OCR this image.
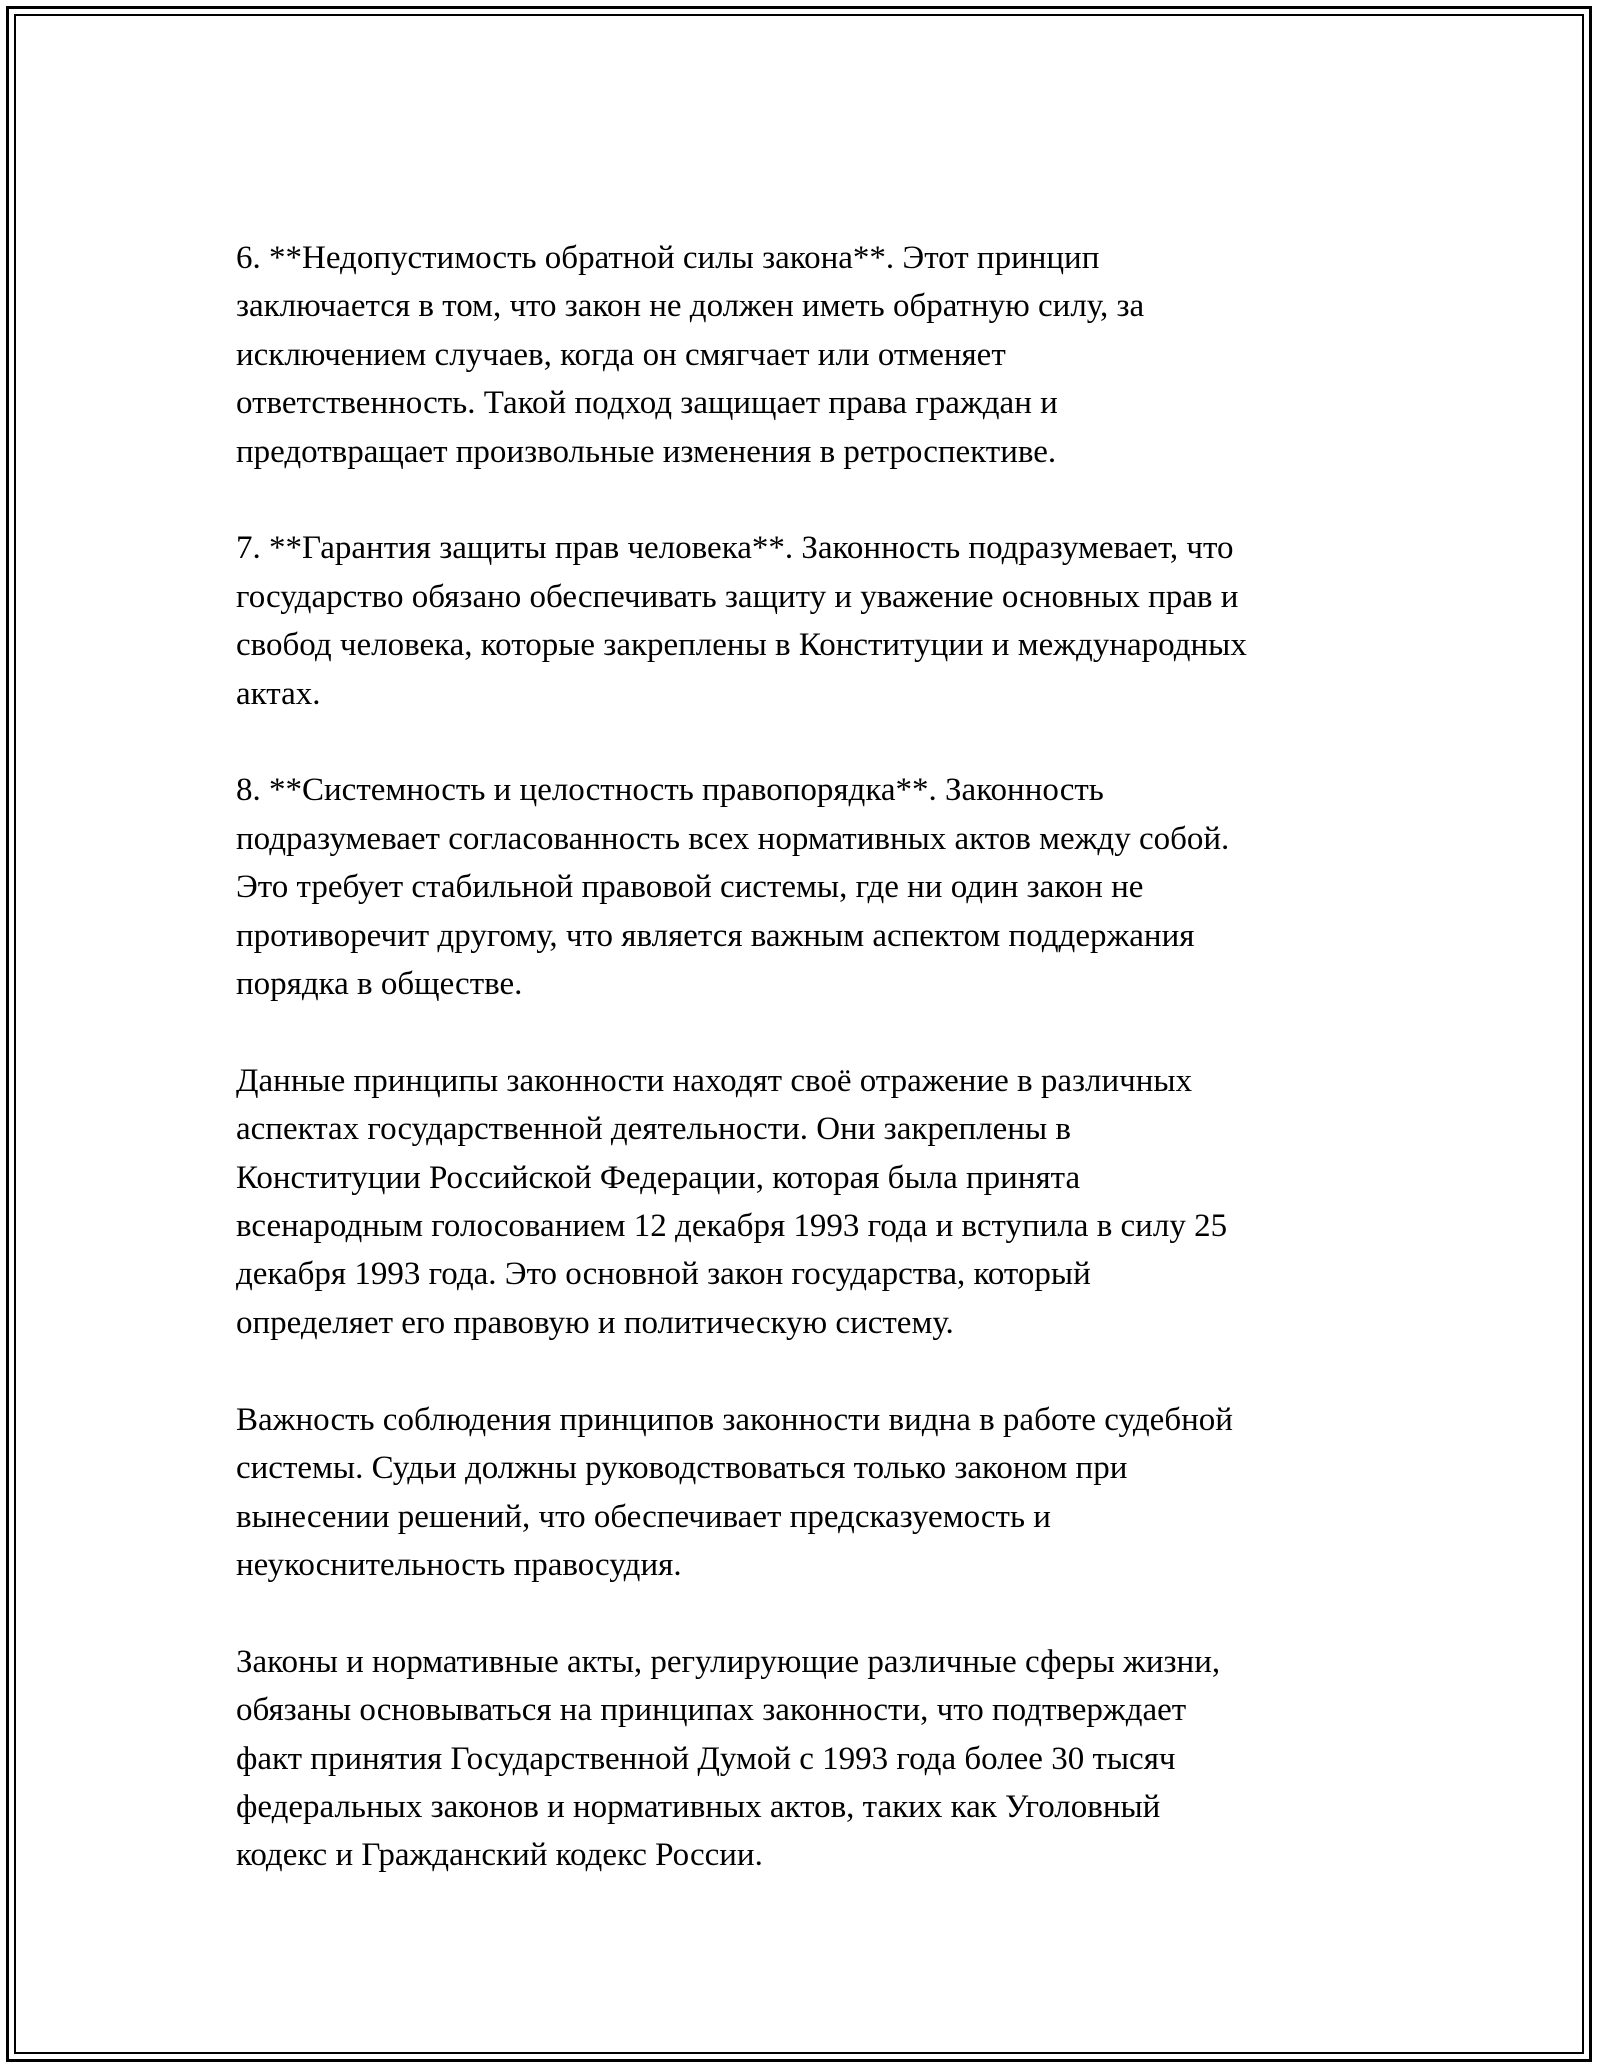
6. **Недопустимость обратной силы закона**. Этот принцип
заключается в том, что закон не должен иметь обратную силу, за
исключением случаев, когда он смягчает или отменяет
ответственность. Такой подход защищает права граждан и
предотвращает произвольные изменения в ретроспективе.

7. **Гарантия защиты прав человека**. Законность подразумевает, что
государство обязано обеспечивать защиту и уважение основных прав и
свобод человека, которые закреплены в Конституции и международных
актах.

8. **Системность и целостность правопорядка**. Законность
подразумевает согласованность всех нормативных актов между собой.
Это требует стабильной правовой системы, где ни один закон не
противоречит другому, что является важным аспектом поддержания
порядка в обществе.

Данные принципы законности находят своё отражение в различных
аспектах государственной деятельности. Они закреплены в
Конституции Российской Федерации, которая была принята
всенародным голосованием 12 декабря 1993 года и вступила в силу 25
декабря 1993 года. Это основной закон государства, который
определяет его правовую и политическую систему.

Важность соблюдения принципов законности видна в работе судебной
системы. Судьи должны руководствоваться только законом при
вынесении решений, что обеспечивает предсказуемость и
неукоснительность правосудия.

Законы и нормативные акты, регулирующие различные сферы жизни,
обязаны основываться на принципах законности, что подтверждает
факт принятия Государственной Думой с 1993 года более 30 тысяч
федеральных законов и нормативных актов, таких как Уголовный
кодекс и Гражданский кодекс России.
